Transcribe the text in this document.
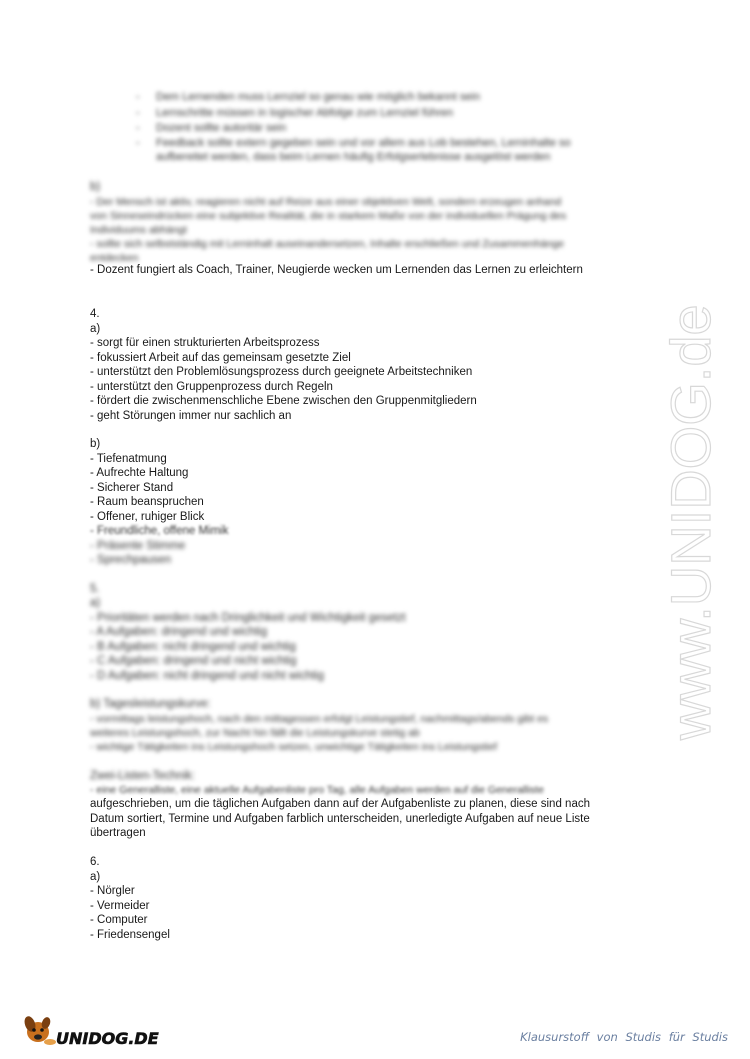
- Dem Lernenden muss Lernziel so genau wie möglich bekannt sein
- Lernschritte müssen in logischer Abfolge zum Lernziel führen
- Dozent sollte autoritär sein
- Feedback sollte extern gegeben sein und vor allem aus Lob bestehen, Lerninhalte so
aufbereitet werden, dass beim Lernen häufig Erfolgserlebnisse ausgelöst werden
b)
- Der Mensch ist aktiv, reagieren nicht auf Reize aus einer objektiven Welt, sondern erzeugen anhand
von Sinneseindrücken eine subjektive Realität, die in starkem Maße von der individuellen Prägung des
Individuums abhängt
- sollte sich selbstständig mit Lerninhalt auseinandersetzen, Inhalte erschließen und Zusammenhänge
entdecken
- Dozent fungiert als Coach, Trainer, Neugierde wecken um Lernenden das Lernen zu erleichtern
4.
a)
- sorgt für einen strukturierten Arbeitsprozess
- fokussiert Arbeit auf das gemeinsam gesetzte Ziel
- unterstützt den Problemlösungsprozess durch geeignete Arbeitstechniken
- unterstützt den Gruppenprozess durch Regeln
- fördert die zwischenmenschliche Ebene zwischen den Gruppenmitgliedern
- geht Störungen immer nur sachlich an
b)
- Tiefenatmung
- Aufrechte Haltung
- Sicherer Stand
- Raum beanspruchen
- Offener, ruhiger Blick
- Freundliche, offene Mimik
- Präsente Stimme
- Sprechpausen
5.
a)
- Prioritäten werden nach Dringlichkeit und Wichtigkeit gesetzt
- A Aufgaben: dringend und wichtig
- B Aufgaben: nicht dringend und wichtig
- C Aufgaben: dringend und nicht wichtig
- D Aufgaben: nicht dringend und nicht wichtig
b) Tagesleistungskurve:
- vormittags leistungshoch, nach den mittagessen erfolgt Leistungstief, nachmittags/abends gibt es
weiteres Leistungshoch, zur Nacht hin fällt die Leistungskurve stetig ab
- wichtige Tätigkeiten ins Leistungshoch setzen, unwichtige Tätigkeiten ins Leistungstief
Zwei-Listen-Technik:
- eine Generalliste, eine aktuelle Aufgabenliste pro Tag, alle Aufgaben werden auf die Generalliste
aufgeschrieben, um die täglichen Aufgaben dann auf der Aufgabenliste zu planen, diese sind nach
Datum sortiert, Termine und Aufgaben farblich unterscheiden, unerledigte Aufgaben auf neue Liste
übertragen
6.
a)
- Nörgler
- Vermeider
- Computer
- Friedensengel
www.UNIDOG.de
UNIDOG.DE	Klausurstoff von Studis für Studis
